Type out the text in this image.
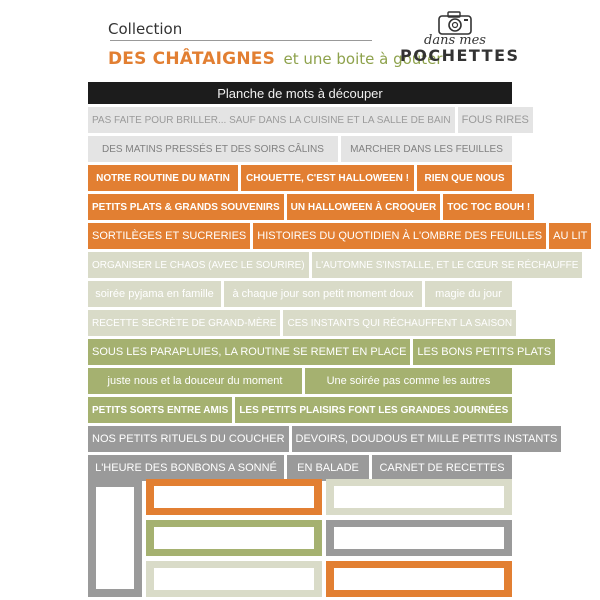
Collection
DES CHÂTAIGNES et une boite à goûter
dans mes
POCHETTES
Planche de mots à découper
PAS FAITE POUR BRILLER... SAUF DANS LA CUISINE ET LA SALLE DE BAIN	FOUS RIRES
DES MATINS PRESSÉS ET DES SOIRS CÂLINS	MARCHER DANS LES FEUILLES
NOTRE ROUTINE DU MATIN	CHOUETTE, C'EST HALLOWEEN !	RIEN QUE NOUS
PETITS PLATS & GRANDS SOUVENIRS	UN HALLOWEEN À CROQUER	TOC TOC BOUH !
SORTILÈGES ET SUCRERIES	HISTOIRES DU QUOTIDIEN À L'OMBRE DES FEUILLES	AU LIT
ORGANISER LE CHAOS (AVEC LE SOURIRE)	L'AUTOMNE S'INSTALLE, ET LE CŒUR SE RÉCHAUFFE
soirée pyjama en famille	à chaque jour son petit moment doux	magie du jour
RECETTE SECRÈTE DE GRAND-MÈRE	CES INSTANTS QUI RÉCHAUFFENT LA SAISON
SOUS LES PARAPLUIES, LA ROUTINE SE REMET EN PLACE	LES BONS PETITS PLATS
juste nous et la douceur du moment	Une soirée pas comme les autres
PETITS SORTS ENTRE AMIS	LES PETITS PLAISIRS FONT LES GRANDES JOURNÉES
NOS PETITS RITUELS DU COUCHER	DEVOIRS, DOUDOUS ET MILLE PETITS INSTANTS
L'HEURE DES BONBONS A SONNÉ	EN BALADE	CARNET DE RECETTES
